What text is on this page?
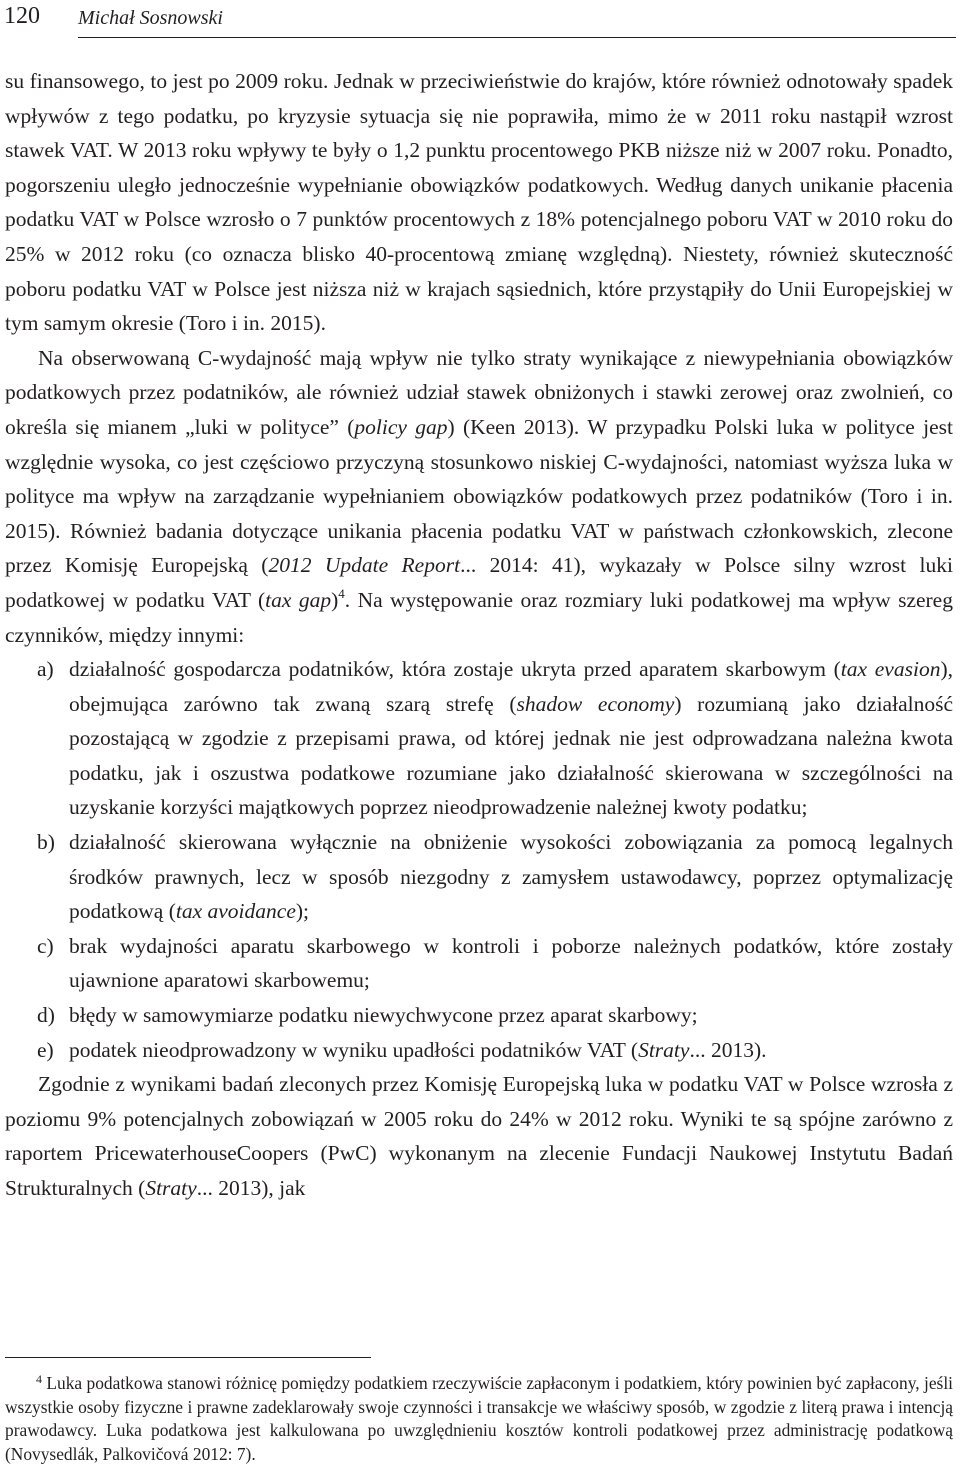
120 Michał Sosnowski

su finansowego, to jest po 2009 roku. Jednak w przeciwieństwie do krajów, które również odnotowały spadek wpływów z tego podatku, po kryzysie sytuacja się nie poprawiła, mimo że w 2011 roku nastąpił wzrost stawek VAT. W 2013 roku wpływy te były o 1,2 punktu procentowego PKB niższe niż w 2007 roku. Ponadto, pogorszeniu uległo jednocześnie wypełnianie obowiązków podatkowych. Według danych unikanie płacenia podatku VAT w Polsce wzrosło o 7 punktów procentowych z 18% potencjalnego poboru VAT w 2010 roku do 25% w 2012 roku (co oznacza blisko 40-procentową zmianę względną). Niestety, również skuteczność poboru podatku VAT w Polsce jest niższa niż w krajach sąsiednich, które przystąpiły do Unii Europejskiej w tym samym okresie (Toro i in. 2015).

Na obserwowaną C-wydajność mają wpływ nie tylko straty wynikające z niewypełniania obowiązków podatkowych przez podatników, ale również udział stawek obniżonych i stawki zerowej oraz zwolnień, co określa się mianem „luki w polityce” (policy gap) (Keen 2013). W przypadku Polski luka w polityce jest względnie wysoka, co jest częściowo przyczyną stosunkowo niskiej C-wydajności, natomiast wyższa luka w polityce ma wpływ na zarządzanie wypełnianiem obowiązków podatkowych przez podatników (Toro i in. 2015). Również badania dotyczące unikania płacenia podatku VAT w państwach członkowskich, zlecone przez Komisję Europejską (2012 Update Report... 2014: 41), wykazały w Polsce silny wzrost luki podatkowej w podatku VAT (tax gap)$^4$. Na występowanie oraz rozmiary luki podatkowej ma wpływ szereg czynników, między innymi:

a) działalność gospodarcza podatników, która zostaje ukryta przed aparatem skarbowym (tax evasion), obejmująca zarówno tak zwaną szarą strefę (shadow economy) rozumianą jako działalność pozostającą w zgodzie z przepisami prawa, od której jednak nie jest odprowadzana należna kwota podatku, jak i oszustwa podatkowe rozumiane jako działalność skierowana w szczególności na uzyskanie korzyści majątkowych poprzez nieodprowadzenie należnej kwoty podatku;
b) działalność skierowana wyłącznie na obniżenie wysokości zobowiązania za pomocą legalnych środków prawnych, lecz w sposób niezgodny z zamysłem ustawodawcy, poprzez optymalizację podatkową (tax avoidance);
c) brak wydajności aparatu skarbowego w kontroli i poborze należnych podatków, które zostały ujawnione aparatowi skarbowemu;
d) błędy w samowymiarze podatku niewychwycone przez aparat skarbowy;
e) podatek nieodprowadzony w wyniku upadłości podatników VAT (Straty... 2013).

Zgodnie z wynikami badań zleconych przez Komisję Europejską luka w podatku VAT w Polsce wzrosła z poziomu 9% potencjalnych zobowiązań w 2005 roku do 24% w 2012 roku. Wyniki te są spójne zarówno z raportem PricewaterhouseCoopers (PwC) wykonanym na zlecenie Fundacji Naukowej Instytutu Badań Strukturalnych (Straty... 2013), jak

$^4$ Luka podatkowa stanowi różnicę pomiędzy podatkiem rzeczywiście zapłaconym i podatkiem, który powinien być zapłacony, jeśli wszystkie osoby fizyczne i prawne zadeklarowały swoje czynności i transakcje we właściwy sposób, w zgodzie z literą prawa i intencją prawodawcy. Luka podatkowa jest kalkulowana po uwzględnieniu kosztów kontroli podatkowej przez administrację podatkową (Novysedlák, Palkovičová 2012: 7).
